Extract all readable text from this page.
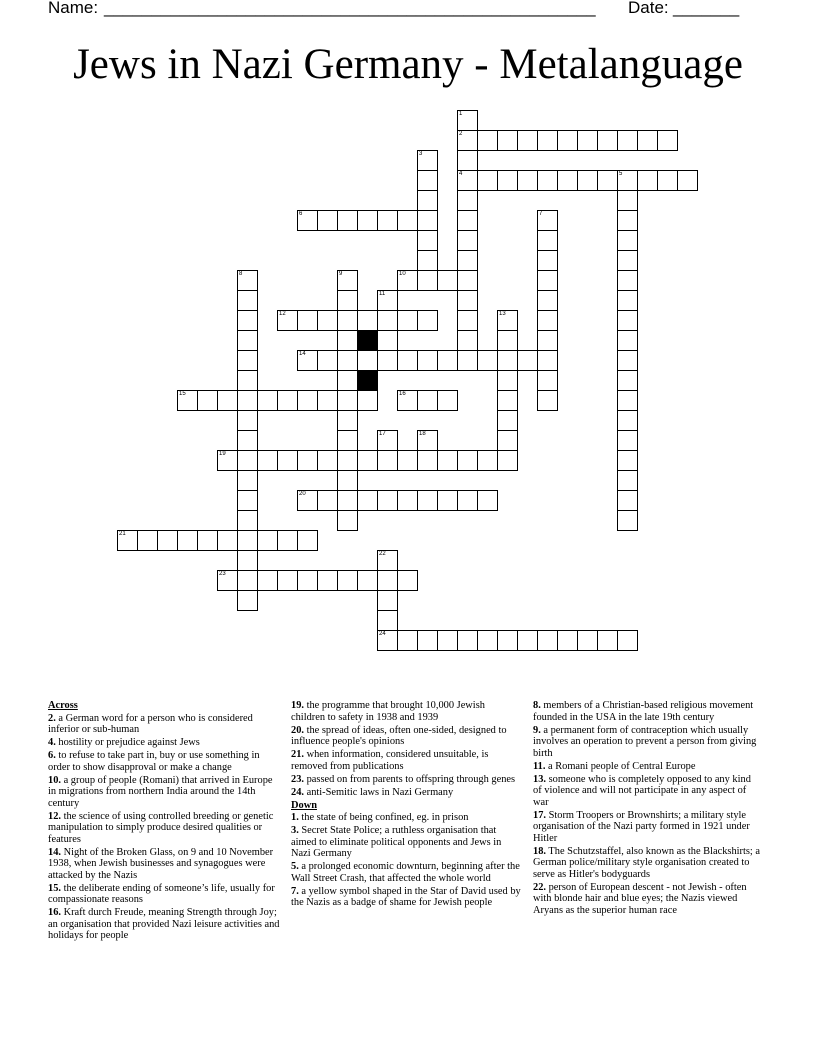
Name: ____________________________________________________	Date: _______
Jews in Nazi Germany - Metalanguage
2
4	5
6
10
12
14
15	16
19
20
21
23
24
1
3
7
8	9
11
13
17	18
22
Across
2. a German word for a person who is considered inferior or sub-human
4. hostility or prejudice against Jews
6. to refuse to take part in, buy or use something in order to show disapproval or make a change
10. a group of people (Romani) that arrived in Europe in migrations from northern India around the 14th century
12. the science of using controlled breeding or genetic manipulation to simply produce desired qualities or features
14. Night of the Broken Glass, on 9 and 10 November 1938, when Jewish businesses and synagogues were attacked by the Nazis
15. the deliberate ending of someone’s life, usually for compassionate reasons
16. Kraft durch Freude, meaning Strength through Joy; an organisation that provided Nazi leisure activities and holidays for people
19. the programme that brought 10,000 Jewish children to safety in 1938 and 1939
20. the spread of ideas, often one-sided, designed to influence people's opinions
21. when information, considered unsuitable, is removed from publications
23. passed on from parents to offspring through genes
24. anti-Semitic laws in Nazi Germany
Down
1. the state of being confined, eg. in prison
3. Secret State Police; a ruthless organisation that aimed to eliminate political opponents and Jews in Nazi Germany
5. a prolonged economic downturn, beginning after the Wall Street Crash, that affected the whole world
7. a yellow symbol shaped in the Star of David used by the Nazis as a badge of shame for Jewish people
8. members of a Christian-based religious movement founded in the USA in the late 19th century
9. a permanent form of contraception which usually involves an operation to prevent a person from giving birth
11. a Romani people of Central Europe
13. someone who is completely opposed to any kind of violence and will not participate in any aspect of war
17. Storm Troopers or Brownshirts; a military style organisation of the Nazi party formed in 1921 under Hitler
18. The Schutzstaffel, also known as the Blackshirts; a German police/military style organisation created to serve as Hitler's bodyguards
22. person of European descent - not Jewish - often with blonde hair and blue eyes; the Nazis viewed Aryans as the superior human race
